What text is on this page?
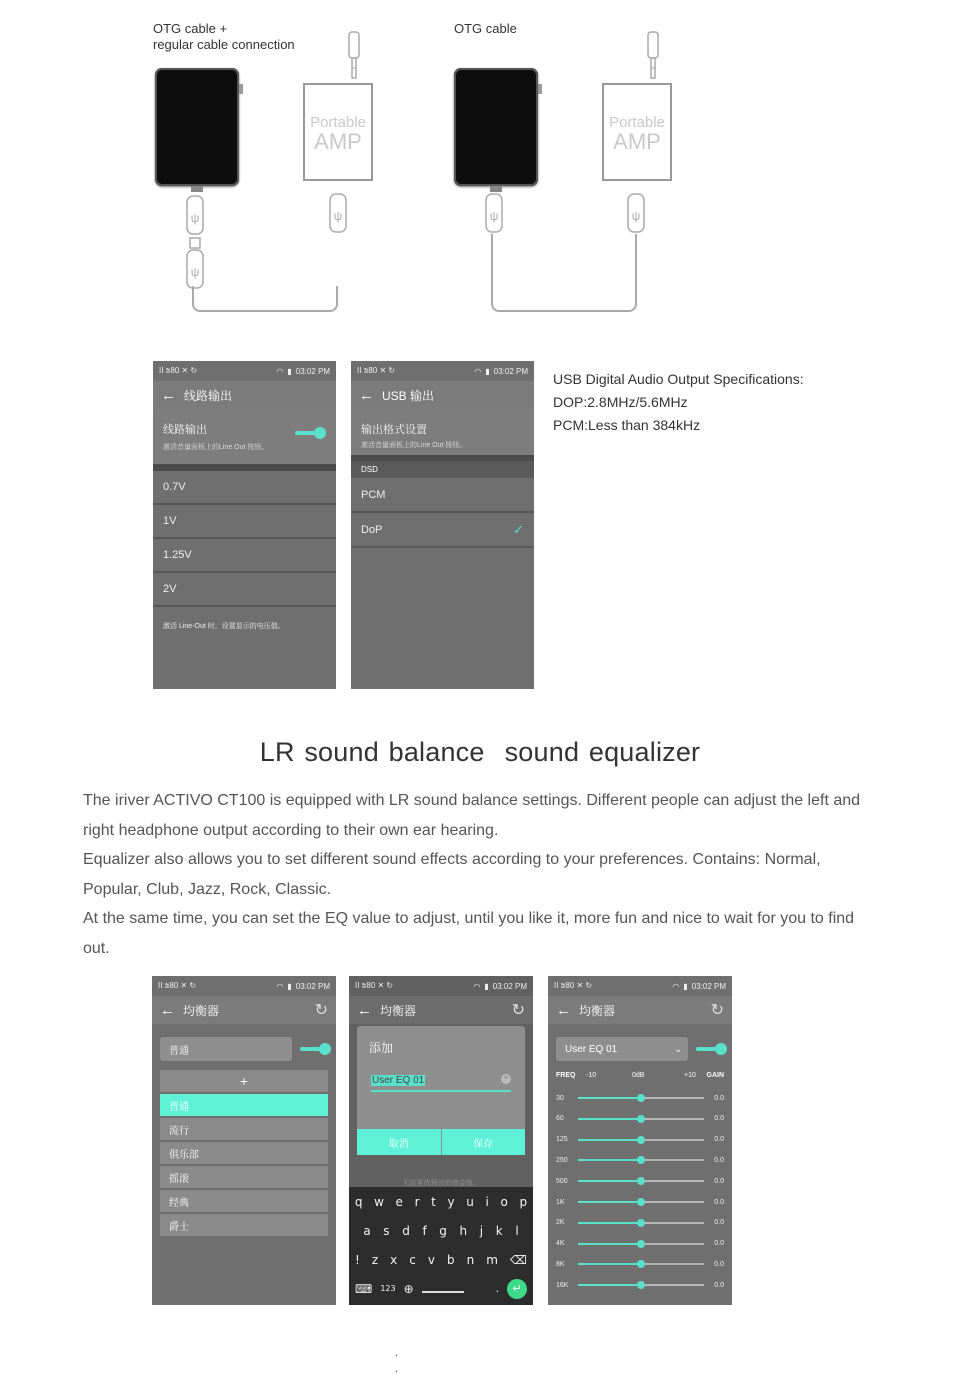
OTG cable +
regular cable connection
Portable
AMP
ψ
ψ
ψ
OTG cable
Portable
AMP
ψ	ψ
II ⩰80 ✕ ↻	◠ ▮ 03:02 PM
← 线路输出
线路输出
激活音量面板上的Line Out 按钮。
0.7V
1V
1.25V
2V
激活 Line-Out 时，设置显示的电压值。
II ⩰80 ✕ ↻	◠ ▮ 03:02 PM
← USB 输出
输出格式设置
激活音量面板上的Line Out 按钮。
DSD
PCM
DoP	✓
USB Digital Audio Output Specifications:
DOP:2.8MHz/5.6MHz
PCM:Less than 384kHz
LR sound balance sound equalizer

The iriver ACTIVO CT100 is equipped with LR sound balance settings. Different people can adjust the left and right headphone output according to their own ear hearing.

Equalizer also allows you to set different sound effects according to your preferences. Contains: Normal, Popular, Club, Jazz, Rock, Classic.

At the same time, you can set the EQ value to adjust, until you like it, more fun and nice to wait for you to find out.

II ⩰80 ✕ ↻	◠ ▮ 03:02 PM
← 均衡器	↻
普通
+
普通
流行
俱乐部
摇滚
经典
爵士
II ⩰80 ✕ ↻	◠ ▮ 03:02 PM
← 均衡器	↻
添加
User EQ 01	×
取消	保存
无法更改预设的增益值。
q w e r t y u i o p
a s d f g h j k l
! z x c v b n m ⌫
⌨ 123 ⊕	.	↵
II ⩰80 ✕ ↻	◠ ▮ 03:02 PM
← 均衡器	↻
User EQ 01	⌄
FREQ	-10	0dB	+10 GAIN
30	0.0
60	0.0
125	0.0
250	0.0
500	0.0
1K	0.0
2K	0.0
4K	0.0
8K	0.0
16K	0.0
˙ ˙
